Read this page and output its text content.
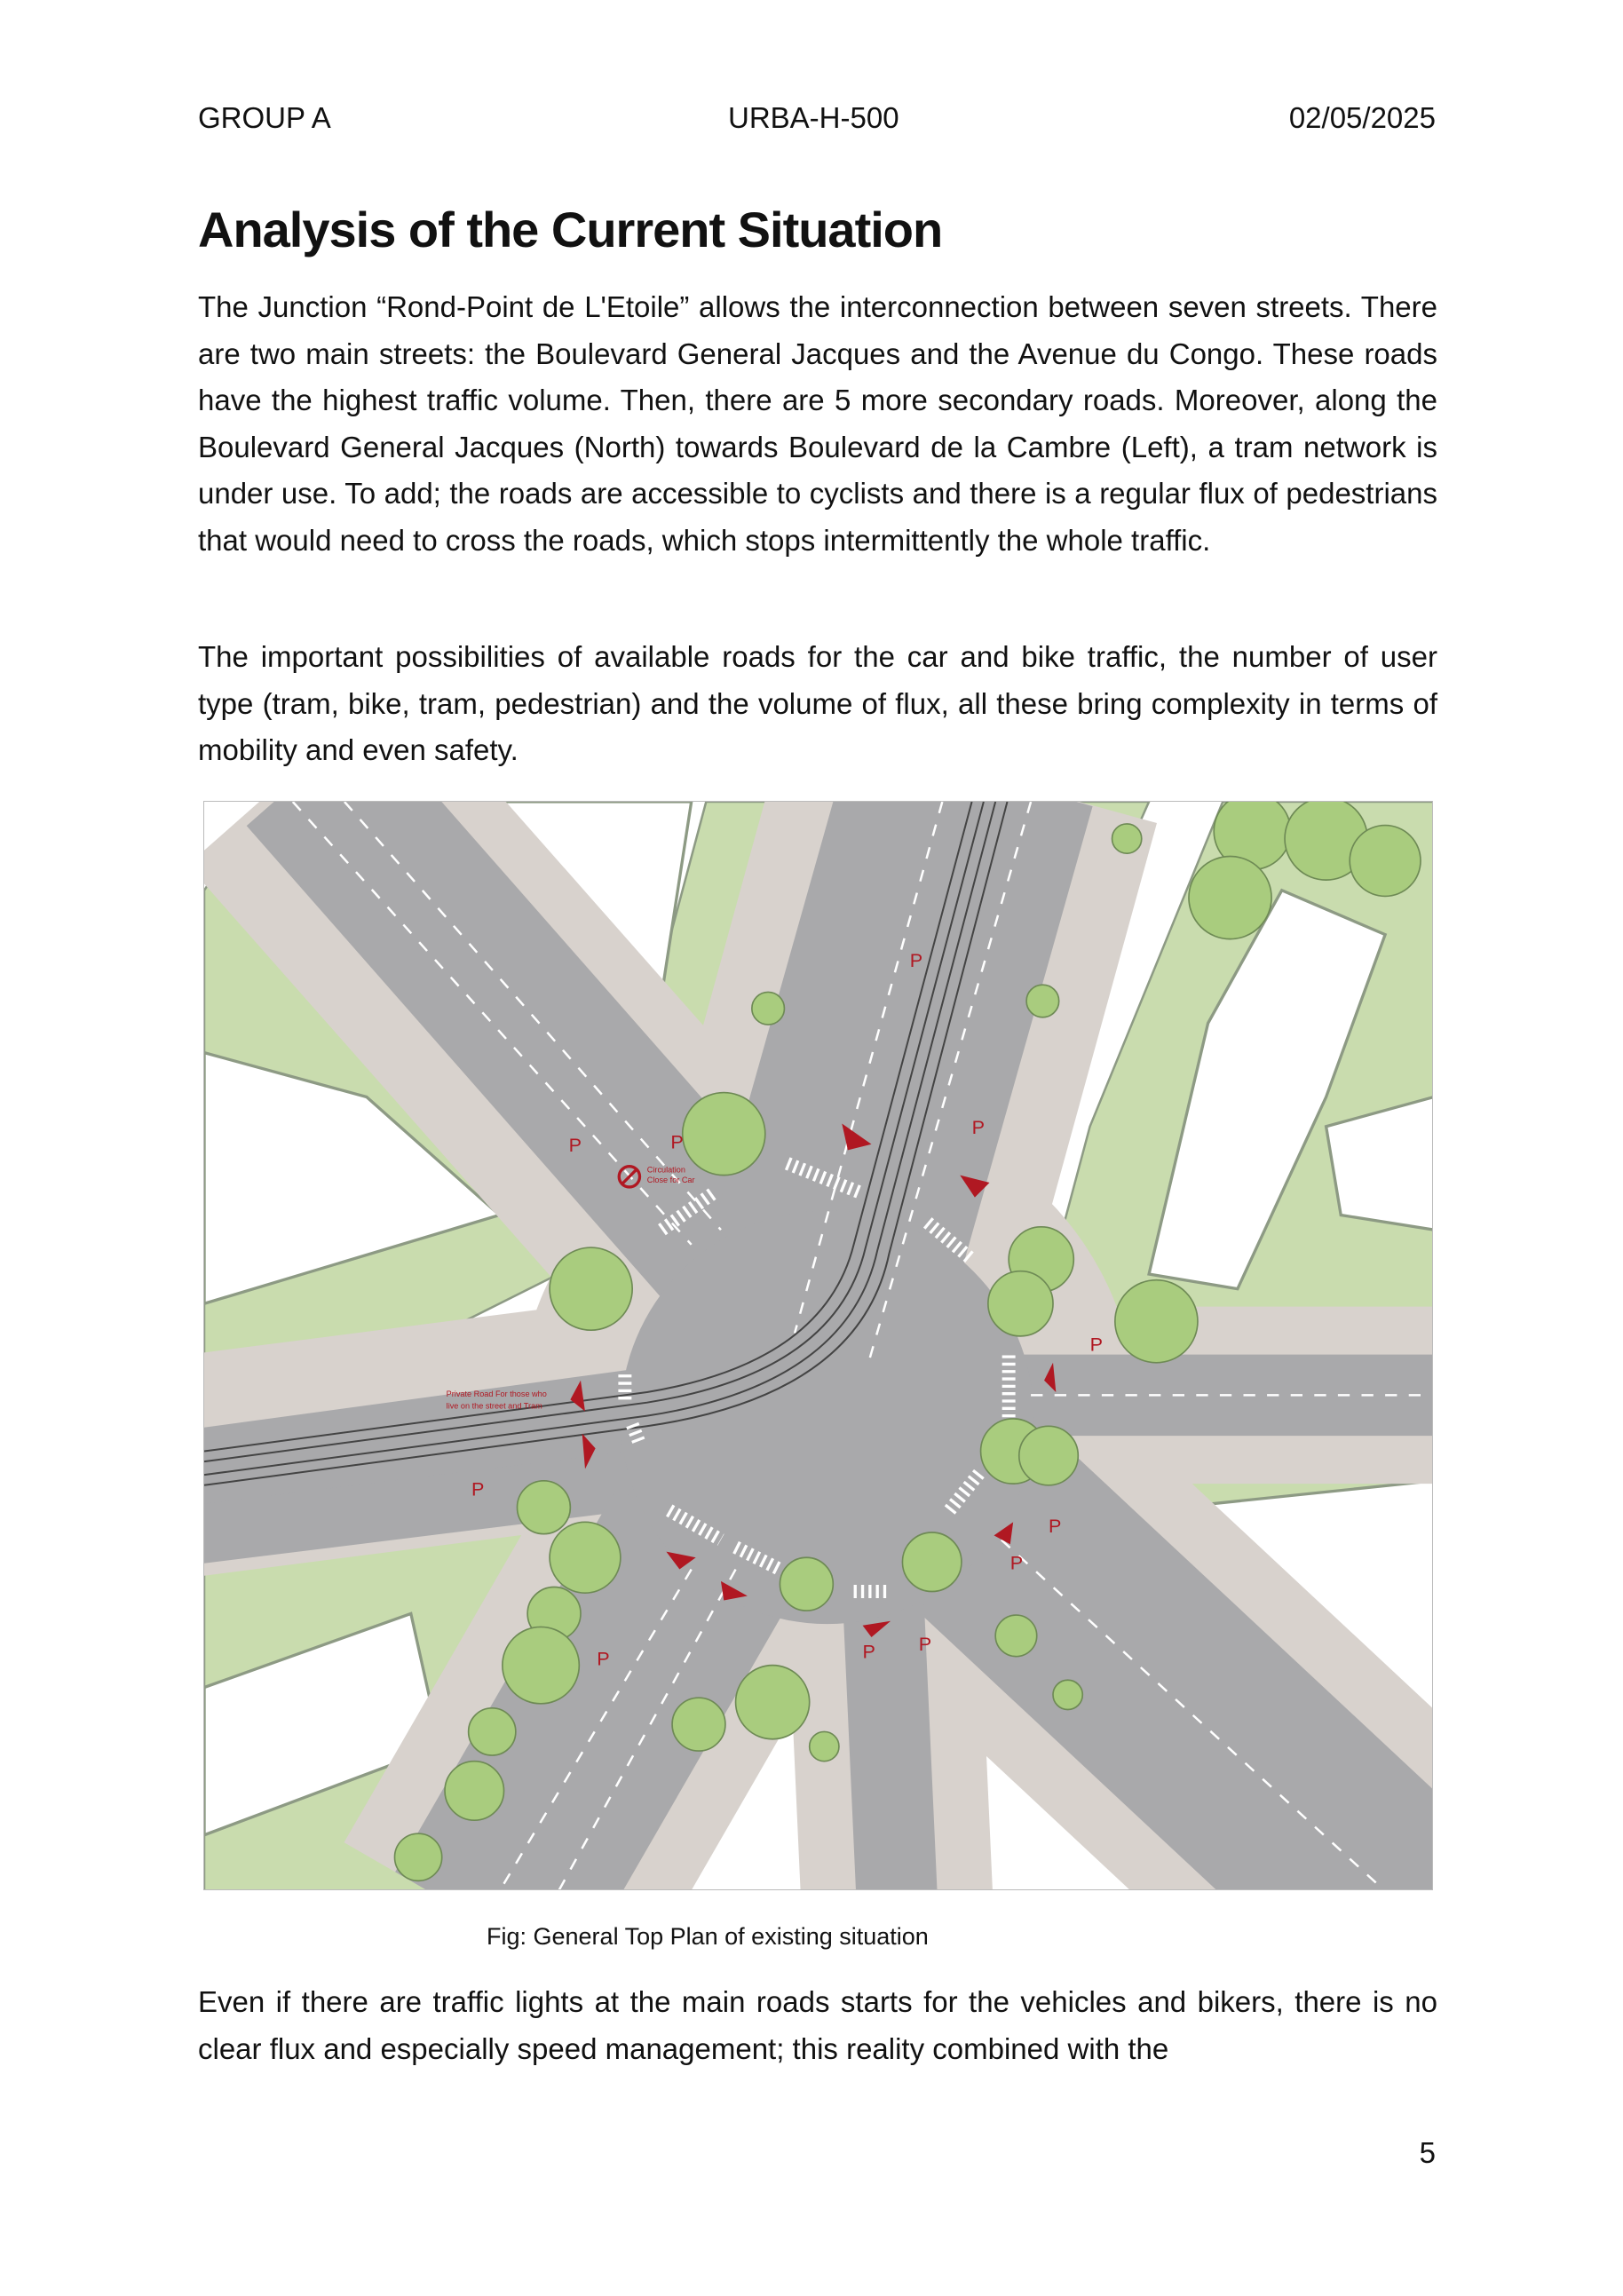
GROUP A	URBA-H-500	02/05/2025
Analysis of the Current Situation

The Junction “Rond-Point de L'Etoile” allows the interconnection between seven streets. There are two main streets: the Boulevard General Jacques and the Avenue du Congo. These roads have the highest traffic volume. Then, there are 5 more secondary roads. Moreover, along the Boulevard General Jacques (North) towards Boulevard de la Cambre (Left), a tram network is under use. To add; the roads are accessible to cyclists and there is a regular flux of pedestrians that would need to cross the roads, which stops intermittently the whole traffic.

The important possibilities of available roads for the car and bike traffic, the number of user type (tram, bike, tram, pedestrian) and the volume of flux, all these bring complexity in terms of mobility and even safety.

Circulation
Close for Car
Private Road For those who
live on the street and Tram
P
P	P
P
P
P
P
P
P	P
P
Fig: General Top Plan of existing situation

Even if there are traffic lights at the main roads starts for the vehicles and bikers, there is no clear flux and especially speed management; this reality combined with the

5
